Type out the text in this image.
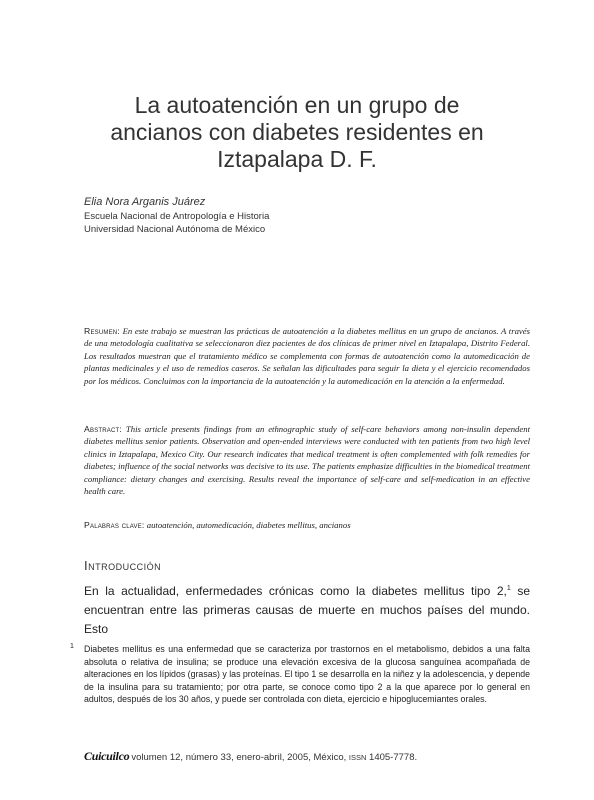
La autoatención en un grupo de
ancianos con diabetes residentes en
Iztapalapa D. F.
Elia Nora Arganis Juárez
Escuela Nacional de Antropología e Historia
Universidad Nacional Autónoma de México

Resumen: En este trabajo se muestran las prácticas de autoatención a la diabetes mellitus en un grupo de ancianos. A través de una metodología cualitativa se seleccionaron diez pacientes de dos clínicas de primer nivel en Iztapalapa, Distrito Federal. Los resultados muestran que el tratamiento médico se complementa con formas de autoatención como la automedicación de plantas medicinales y el uso de remedios caseros. Se señalan las dificultades para seguir la dieta y el ejercicio recomendados por los médicos. Concluimos con la importancia de la autoatención y la automedicación en la atención a la enfermedad.

Abstract: This article presents findings from an ethnographic study of self-care behaviors among non-insulin dependent diabetes mellitus senior patients. Observation and open-ended interviews were conducted with ten patients from two high level clinics in Iztapalapa, Mexico City. Our research indicates that medical treatment is often complemented with folk remedies for diabetes; influence of the social networks was decisive to its use. The patients emphasize difficulties in the biomedical treatment compliance: dietary changes and exercising. Results reveal the importance of self-care and self-medication in an effective health care.

Palabras clave: autoatención, automedicación, diabetes mellitus, ancianos

Introducción

En la actualidad, enfermedades crónicas como la diabetes mellitus tipo 2,$^1$ se encuentran entre las primeras causas de muerte en muchos países del mundo. Esto

1 Diabetes mellitus es una enfermedad que se caracteriza por trastornos en el metabolismo, debidos a una falta absoluta o relativa de insulina; se produce una elevación excesiva de la glucosa sanguínea acompañada de alteraciones en los lípidos (grasas) y las proteínas. El tipo 1 se desarrolla en la niñez y la adolescencia, y depende de la insulina para su tratamiento; por otra parte, se conoce como tipo 2 a la que aparece por lo general en adultos, después de los 30 años, y puede ser controlada con dieta, ejercicio e hipoglucemiantes orales.

Cuicuilco volumen 12, número 33, enero-abril, 2005, México,
ISSN
1405-7778.
